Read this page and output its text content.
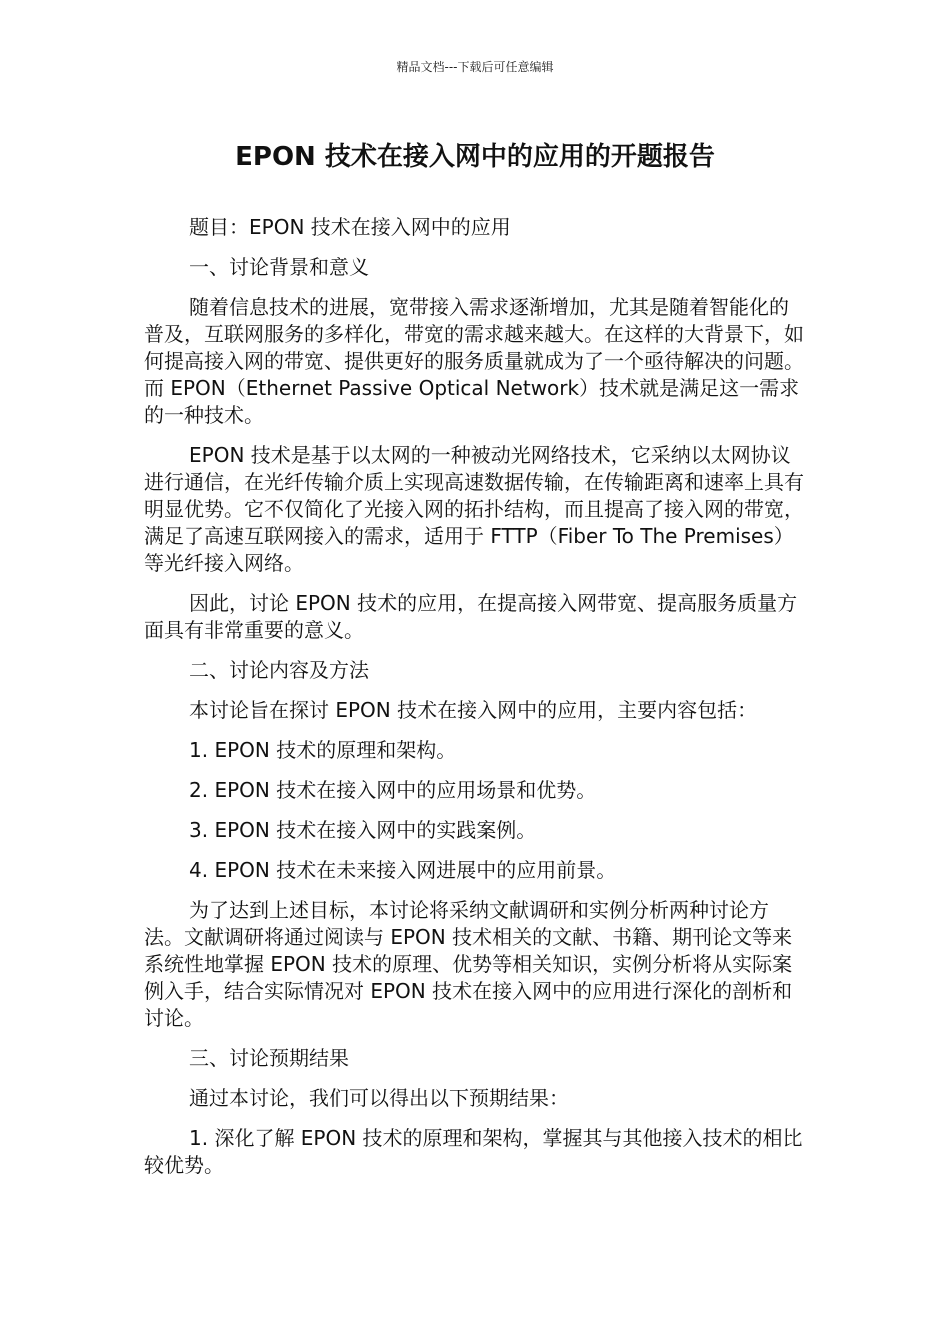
精品文档---下载后可任意编辑
EPON 技术在接入网中的应用的开题报告

题目：EPON 技术在接入网中的应用

一、讨论背景和意义

随着信息技术的进展，宽带接入需求逐渐增加，尤其是随着智能化的普及，互联网服务的多样化，带宽的需求越来越大。在这样的大背景下，如何提高接入网的带宽、提供更好的服务质量就成为了一个亟待解决的问题。而 EPON（Ethernet Passive Optical Network）技术就是满足这一需求的一种技术。

EPON 技术是基于以太网的一种被动光网络技术，它采纳以太网协议进行通信，在光纤传输介质上实现高速数据传输，在传输距离和速率上具有明显优势。它不仅简化了光接入网的拓扑结构，而且提高了接入网的带宽，满足了高速互联网接入的需求，适用于 FTTP（Fiber To The Premises）等光纤接入网络。

因此，讨论 EPON 技术的应用，在提高接入网带宽、提高服务质量方面具有非常重要的意义。

二、讨论内容及方法

本讨论旨在探讨 EPON 技术在接入网中的应用，主要内容包括：

1. EPON 技术的原理和架构。

2. EPON 技术在接入网中的应用场景和优势。

3. EPON 技术在接入网中的实践案例。

4. EPON 技术在未来接入网进展中的应用前景。

为了达到上述目标，本讨论将采纳文献调研和实例分析两种讨论方法。文献调研将通过阅读与 EPON 技术相关的文献、书籍、期刊论文等来系统性地掌握 EPON 技术的原理、优势等相关知识，实例分析将从实际案例入手，结合实际情况对 EPON 技术在接入网中的应用进行深化的剖析和讨论。

三、讨论预期结果

通过本讨论，我们可以得出以下预期结果：

1. 深化了解 EPON 技术的原理和架构，掌握其与其他接入技术的相比较优势。
